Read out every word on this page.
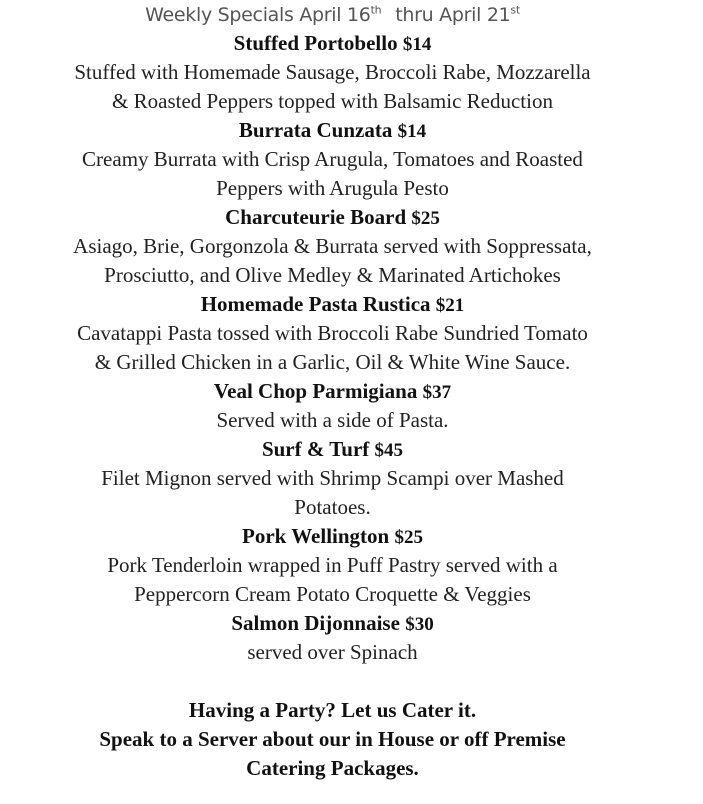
Weekly Specials April 16th thru April 21st
Stuffed Portobello $14
Stuffed with Homemade Sausage, Broccoli Rabe, Mozzarella
& Roasted Peppers topped with Balsamic Reduction
Burrata Cunzata $14
Creamy Burrata with Crisp Arugula, Tomatoes and Roasted
Peppers with Arugula Pesto
Charcuteurie Board $25
Asiago, Brie, Gorgonzola & Burrata served with Soppressata,
Prosciutto, and Olive Medley & Marinated Artichokes
Homemade Pasta Rustica $21
Cavatappi Pasta tossed with Broccoli Rabe Sundried Tomato
& Grilled Chicken in a Garlic, Oil & White Wine Sauce.
Veal Chop Parmigiana $37
Served with a side of Pasta.
Surf & Turf $45
Filet Mignon served with Shrimp Scampi over Mashed
Potatoes.
Pork Wellington $25
Pork Tenderloin wrapped in Puff Pastry served with a
Peppercorn Cream Potato Croquette & Veggies
Salmon Dijonnaise $30
served over Spinach
Having a Party? Let us Cater it.
Speak to a Server about our in House or off Premise
Catering Packages.
